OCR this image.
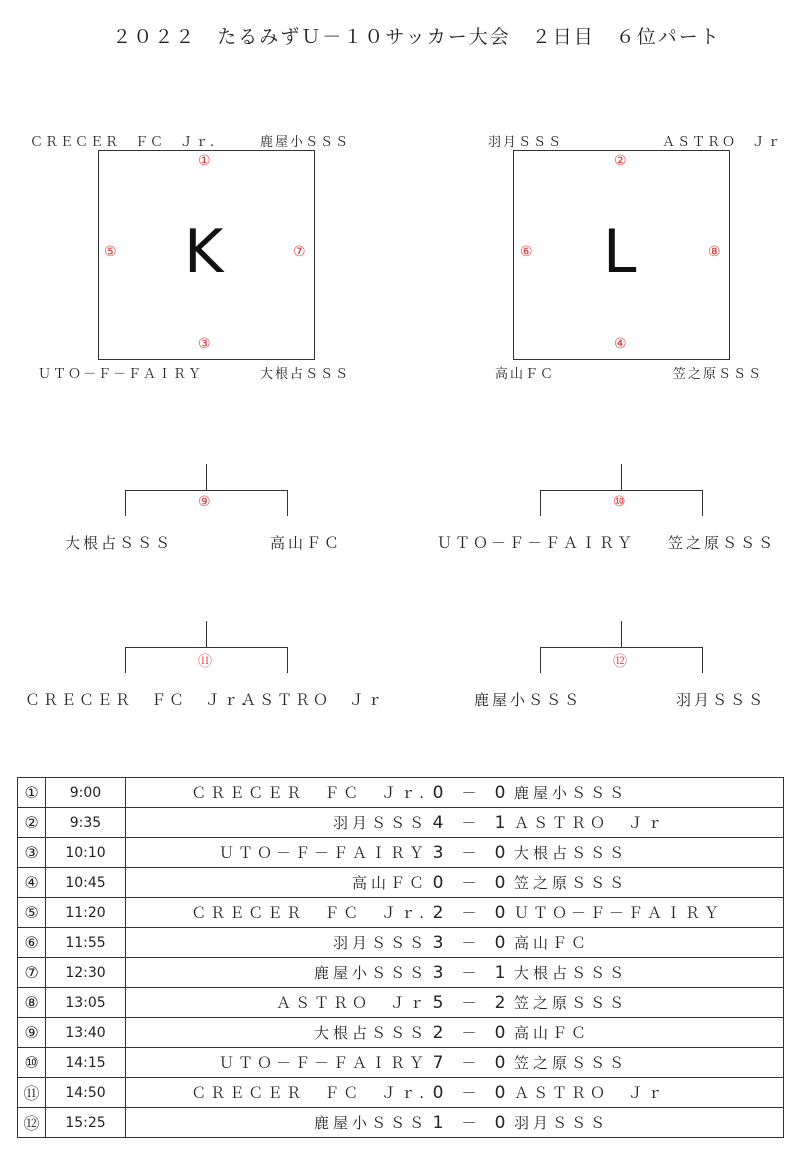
２０２２　たるみずＵ－１０サッカー大会　２日目　６位パート
ＣＲＥＣＥＲ　ＦＣ　Ｊｒ.	鹿屋小ＳＳＳ
K
①
⑤	⑦
③
ＵＴＯ－Ｆ－ＦＡＩＲＹ	大根占ＳＳＳ
羽月ＳＳＳ	ＡＳＴＲＯ　Ｊｒ
L
②
⑥	⑧
④
高山ＦＣ	笠之原ＳＳＳ
⑨
大根占ＳＳＳ	高山ＦＣ
⑩
ＵＴＯ－Ｆ－ＦＡＩＲＹ 笠之原ＳＳＳ
⑪
ＣＲＥＣＥＲ　ＦＣ　Ｊｒ.
ＡＳＴＲＯ　Ｊｒ
⑫
鹿屋小ＳＳＳ	羽月ＳＳＳ
①	9:00	ＣＲＥＣＥＲ　ＦＣ　Ｊｒ. 0 － 0 鹿屋小ＳＳＳ

②	9:35	羽月ＳＳＳ 4 － 1 ＡＳＴＲＯ　Ｊｒ

③	10:10	ＵＴＯ－Ｆ－ＦＡＩＲＹ 3 － 0 大根占ＳＳＳ

④	10:45	高山ＦＣ 0 － 0 笠之原ＳＳＳ

⑤	11:20	ＣＲＥＣＥＲ　ＦＣ　Ｊｒ. 2 － 0 ＵＴＯ－Ｆ－ＦＡＩＲＹ

⑥	11:55	羽月ＳＳＳ 3 － 0 高山ＦＣ

⑦	12:30	鹿屋小ＳＳＳ 3 － 1 大根占ＳＳＳ

⑧	13:05	ＡＳＴＲＯ　Ｊｒ 5 － 2 笠之原ＳＳＳ

⑨	13:40	大根占ＳＳＳ 2 － 0 高山ＦＣ

⑩	14:15	ＵＴＯ－Ｆ－ＦＡＩＲＹ 7 － 0 笠之原ＳＳＳ

⑪	14:50	ＣＲＥＣＥＲ　ＦＣ　Ｊｒ. 0 － 0 ＡＳＴＲＯ　Ｊｒ

⑫	15:25	鹿屋小ＳＳＳ 1 － 0 羽月ＳＳＳ
